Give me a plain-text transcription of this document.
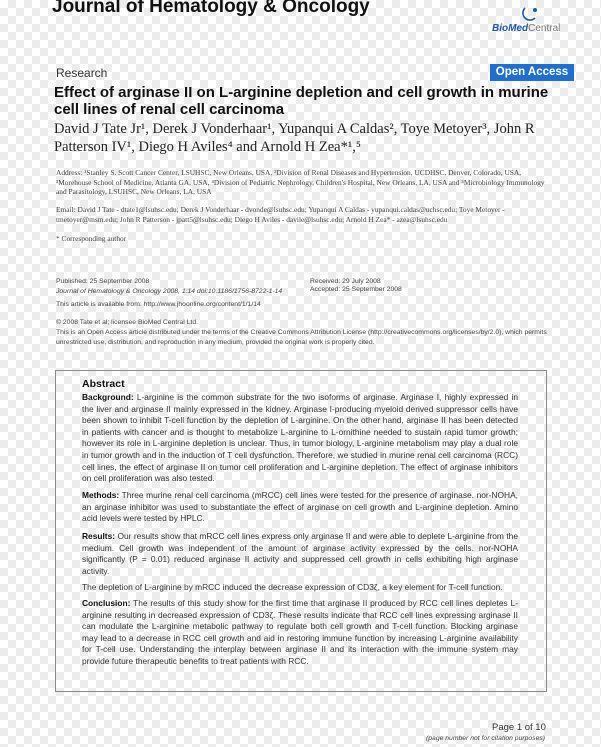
Journal of Hematology & Oncology
BioMedCentral
Research	Open Access
Effect of arginase II on L-arginine depletion and cell growth in murine cell lines of renal cell carcinoma
David J Tate Jr¹, Derek J Vonderhaar¹, Yupanqui A Caldas², Toye Metoyer³, John R Patterson IV¹, Diego H Aviles⁴ and Arnold H Zea*¹,⁵
Address: ¹Stanley S. Scott Cancer Center, LSUHSC, New Orleans, USA, ²Division of Renal Diseases and Hypertension, UCDHSC, Denver, Colorado, USA, ³Morehouse School of Medicine, Atlanta GA, USA, ⁴Division of Pediatric Nephrology, Children's Hospital, New Orleans, LA, USA and ⁵Microbiology Immunology and Parasitology, LSUHSC, New Orleans, LA, USA
Email: David J Tate - dtate1@lsuhsc.edu; Derek J Vonderhaar - dvonde@lsuhsc.edu; Yupanqui A Caldas - yupanqui.caldas@uchsc.edu; Toye Metoyer - tmetoyer@msm.edu; John R Patterson - jpatt5@lsuhsc.edu; Diego H Aviles - davile@lsuhsc.edu; Arnold H Zea* - azea@lsuhsc.edu
* Corresponding author
Published: 25 September 2008
Journal of Hematology & Oncology 2008, 1:14 doi:10.1186/1756-8722-1-14
This article is available from: http://www.jhoonline.org/content/1/1/14
Received: 29 July 2008
Accepted: 25 September 2008
© 2008 Tate et al; licensee BioMed Central Ltd.
This is an Open Access article distributed under the terms of the Creative Commons Attribution License (http://creativecommons.org/licenses/by/2.0), which permits unrestricted use, distribution, and reproduction in any medium, provided the original work is properly cited.
Abstract
Background: L-arginine is the common substrate for the two isoforms of arginase. Arginase I, highly expressed in the liver and arginase II mainly expressed in the kidney. Arginase I-producing myeloid derived suppressor cells have been shown to inhibit T-cell function by the depletion of L-arginine. On the other hand, arginase II has been detected in patients with cancer and is thought to metabolize L-arginine to L-ornithine needed to sustain rapid tumor growth; however its role in L-arginine depletion is unclear. Thus, in tumor biology, L-arginine metabolism may play a dual role in tumor growth and in the induction of T cell dysfunction. Therefore, we studied in murine renal cell carcinoma (RCC) cell lines, the effect of arginase II on tumor cell proliferation and L-arginine depletion. The effect of arginase inhibitors on cell proliferation was also tested.
Methods: Three murine renal cell carcinoma (mRCC) cell lines were tested for the presence of arginase. nor-NOHA, an arginase inhibitor was used to substantiate the effect of arginase on cell growth and L-arginine depletion. Amino acid levels were tested by HPLC.
Results: Our results show that mRCC cell lines express only arginase II and were able to deplete L-arginine from the medium. Cell growth was independent of the amount of arginase activity expressed by the cells. nor-NOHA significantly (P = 0.01) reduced arginase II activity and suppressed cell growth in cells exhibiting high arginase activity.
The depletion of L-arginine by mRCC induced the decrease expression of CD3ζ, a key element for T-cell function.
Conclusion: The results of this study show for the first time that arginase II produced by RCC cell lines depletes L-arginine resulting in decreased expression of CD3ζ. These results indicate that RCC cell lines expressing arginase II can modulate the L-arginine metabolic pathway to regulate both cell growth and T-cell function. Blocking arginase may lead to a decrease in RCC cell growth and aid in restoring immune function by increasing L-arginine availability for T-cell use. Understanding the interplay between arginase II and its interaction with the immune system may provide future therapeutic benefits to treat patients with RCC.
Page 1 of 10
(page number not for citation purposes)
